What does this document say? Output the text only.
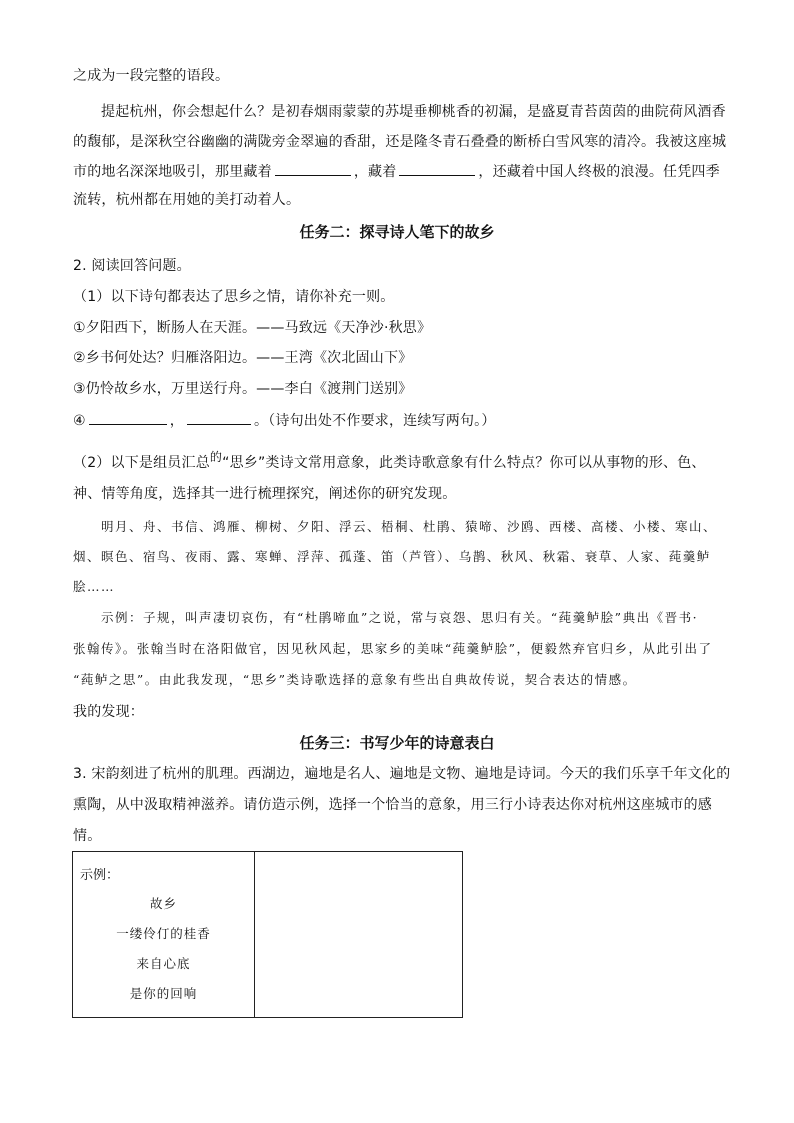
之成为一段完整的语段。
提起杭州，你会想起什么？是初春烟雨蒙蒙的苏堤垂柳桃香的初漏，是盛夏青苔茵茵的曲院荷风酒香
的馥郁，是深秋空谷幽幽的满陇旁金翠遍的香甜，还是隆冬青石叠叠的断桥白雪风寒的清冷。我被这座城
市的地名深深地吸引，那里藏着	，藏着	，还藏着中国人终极的浪漫。任凭四季
流转，杭州都在用她的美打动着人。
任务二：探寻诗人笔下的故乡
2. 阅读回答问题。
（1）以下诗句都表达了思乡之情，请你补充一则。
①夕阳西下，断肠人在天涯。——马致远《天净沙·秋思》
②乡书何处达？归雁洛阳边。——王湾《次北固山下》
③仍怜故乡水，万里送行舟。——李白《渡荆门送别》
④	，	。（诗句出处不作要求，连续写两句。）
（2）以下是组员汇总的“思乡”类诗文常用意象，此类诗歌意象有什么特点？你可以从事物的形、色、
神、情等角度，选择其一进行梳理探究，阐述你的研究发现。
明月、舟、书信、鸿雁、柳树、夕阳、浮云、梧桐、杜鹃、猿啼、沙鸥、西楼、高楼、小楼、寒山、
烟、暝色、宿鸟、夜雨、露、寒蝉、浮萍、孤蓬、笛（芦管）、乌鹊、秋风、秋霜、衰草、人家、莼羹鲈
脍……
示例：子规，叫声凄切哀伤，有“杜鹃啼血”之说，常与哀怨、思归有关。“莼羹鲈脍”典出《晋书·
张翰传》。张翰当时在洛阳做官，因见秋风起，思家乡的美味“莼羹鲈脍”，便毅然弃官归乡，从此引出了
“莼鲈之思”。由此我发现，“思乡”类诗歌选择的意象有些出自典故传说，契合表达的情感。
我的发现：
任务三：书写少年的诗意表白
3. 宋韵刻进了杭州的肌理。西湖边，遍地是名人、遍地是文物、遍地是诗词。今天的我们乐享千年文化的
熏陶，从中汲取精神滋养。请仿造示例，选择一个恰当的意象，用三行小诗表达你对杭州这座城市的感
情。
示例：
故乡
一缕伶仃的桂香
来自心底
是你的回响
